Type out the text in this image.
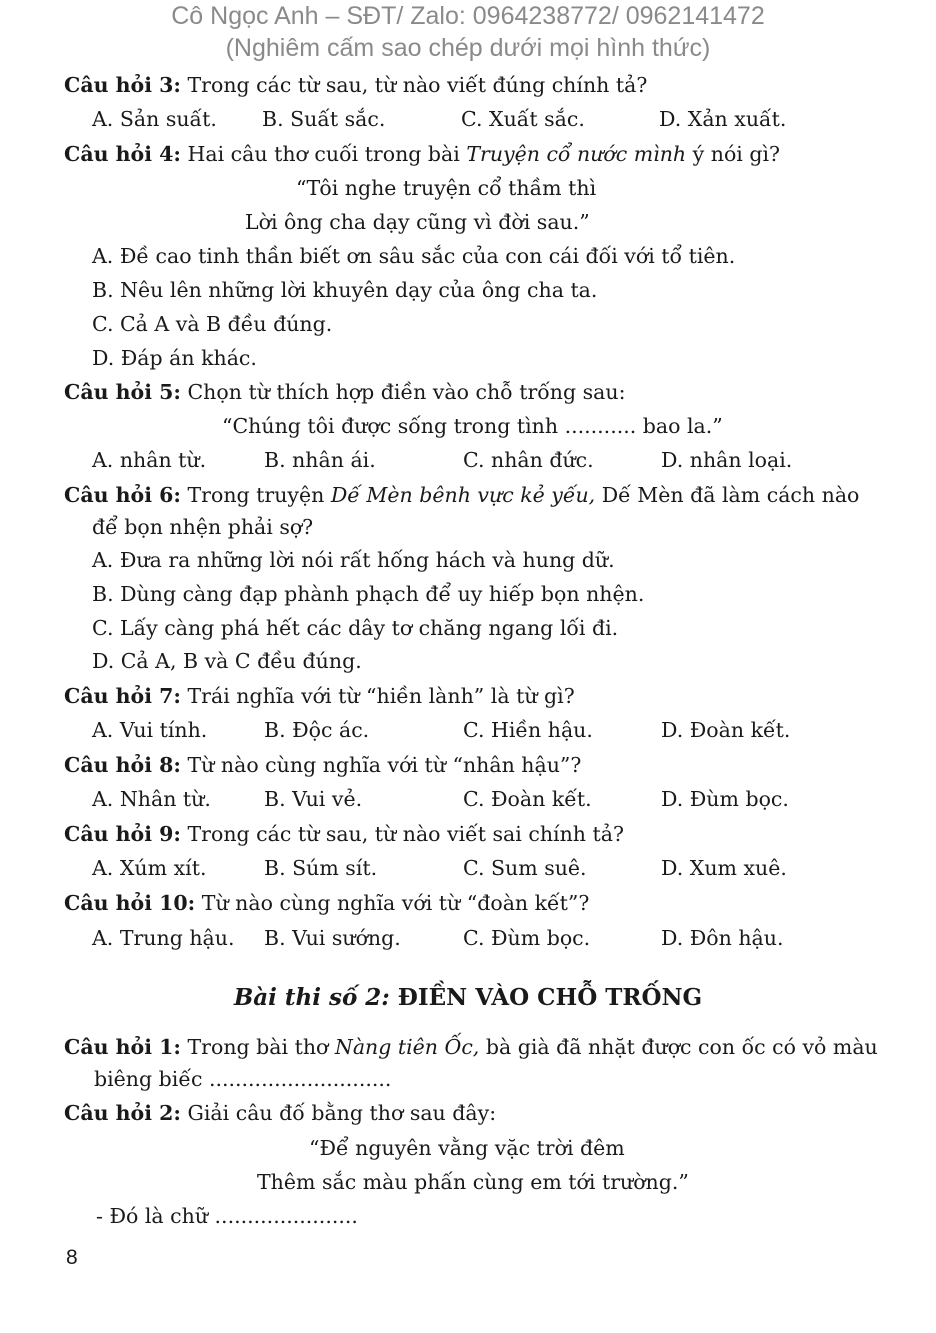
Cô Ngọc Anh – SĐT/ Zalo: 0964238772/ 0962141472
(Nghiêm cấm sao chép dưới mọi hình thức)
Câu hỏi 3: Trong các từ sau, từ nào viết đúng chính tả?
A. Sản suất. B. Suất sắc.	C. Xuất sắc.	D. Xản xuất.
Câu hỏi 4: Hai câu thơ cuối trong bài Truyện cổ nước mình ý nói gì?
“Tôi nghe truyện cổ thầm thì
Lời ông cha dạy cũng vì đời sau.”
A. Đề cao tinh thần biết ơn sâu sắc của con cái đối với tổ tiên.
B. Nêu lên những lời khuyên dạy của ông cha ta.
C. Cả A và B đều đúng.
D. Đáp án khác.
Câu hỏi 5: Chọn từ thích hợp điền vào chỗ trống sau:
“Chúng tôi được sống trong tình ........... bao la.”
A. nhân từ.	B. nhân ái.	C. nhân đức.	D. nhân loại.
Câu hỏi 6: Trong truyện Dế Mèn bênh vực kẻ yếu, Dế Mèn đã làm cách nào
để bọn nhện phải sợ?
A. Đưa ra những lời nói rất hống hách và hung dữ.
B. Dùng càng đạp phành phạch để uy hiếp bọn nhện.
C. Lấy càng phá hết các dây tơ chăng ngang lối đi.
D. Cả A, B và C đều đúng.
Câu hỏi 7: Trái nghĩa với từ “hiền lành” là từ gì?
A. Vui tính.	B. Độc ác.	C. Hiền hậu.	D. Đoàn kết.
Câu hỏi 8: Từ nào cùng nghĩa với từ “nhân hậu”?
A. Nhân từ.	B. Vui vẻ.	C. Đoàn kết.	D. Đùm bọc.
Câu hỏi 9: Trong các từ sau, từ nào viết sai chính tả?
A. Xúm xít.	B. Súm sít.	C. Sum suê.	D. Xum xuê.
Câu hỏi 10: Từ nào cùng nghĩa với từ “đoàn kết”?
A. Trung hậu. B. Vui sướng.	C. Đùm bọc.	D. Đôn hậu.
Bài thi số 2: ĐIỀN VÀO CHỖ TRỐNG
Câu hỏi 1: Trong bài thơ Nàng tiên Ốc, bà già đã nhặt được con ốc có vỏ màu
biêng biếc ............................
Câu hỏi 2: Giải câu đố bằng thơ sau đây:
“Để nguyên vằng vặc trời đêm
Thêm sắc màu phấn cùng em tới trường.”
- Đó là chữ ......................
8
